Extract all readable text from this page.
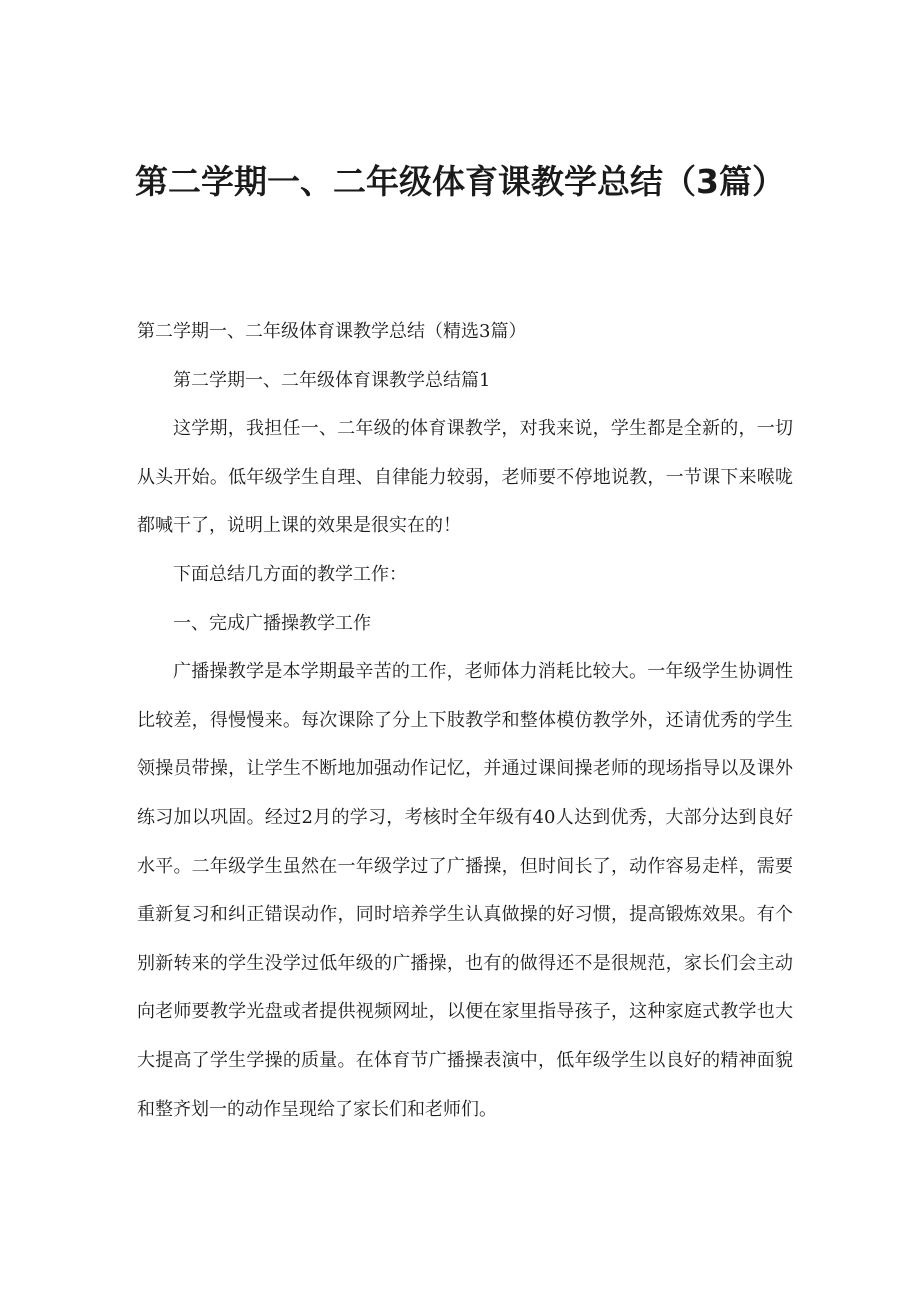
第二学期一、二年级体育课教学总结（3篇）

第二学期一、二年级体育课教学总结（精选3篇）

第二学期一、二年级体育课教学总结篇1

这学期，我担任一、二年级的体育课教学，对我来说，学生都是全新的，一切从头开始。低年级学生自理、自律能力较弱，老师要不停地说教，一节课下来喉咙都喊干了，说明上课的效果是很实在的！

下面总结几方面的教学工作：

一、完成广播操教学工作

广播操教学是本学期最辛苦的工作，老师体力消耗比较大。一年级学生协调性比较差，得慢慢来。每次课除了分上下肢教学和整体模仿教学外，还请优秀的学生领操员带操，让学生不断地加强动作记忆，并通过课间操老师的现场指导以及课外练习加以巩固。经过2月的学习，考核时全年级有40人达到优秀，大部分达到良好水平。二年级学生虽然在一年级学过了广播操，但时间长了，动作容易走样，需要重新复习和纠正错误动作，同时培养学生认真做操的好习惯，提高锻炼效果。有个别新转来的学生没学过低年级的广播操，也有的做得还不是很规范，家长们会主动向老师要教学光盘或者提供视频网址，以便在家里指导孩子，这种家庭式教学也大大提高了学生学操的质量。在体育节广播操表演中，低年级学生以良好的精神面貌和整齐划一的动作呈现给了家长们和老师们。
